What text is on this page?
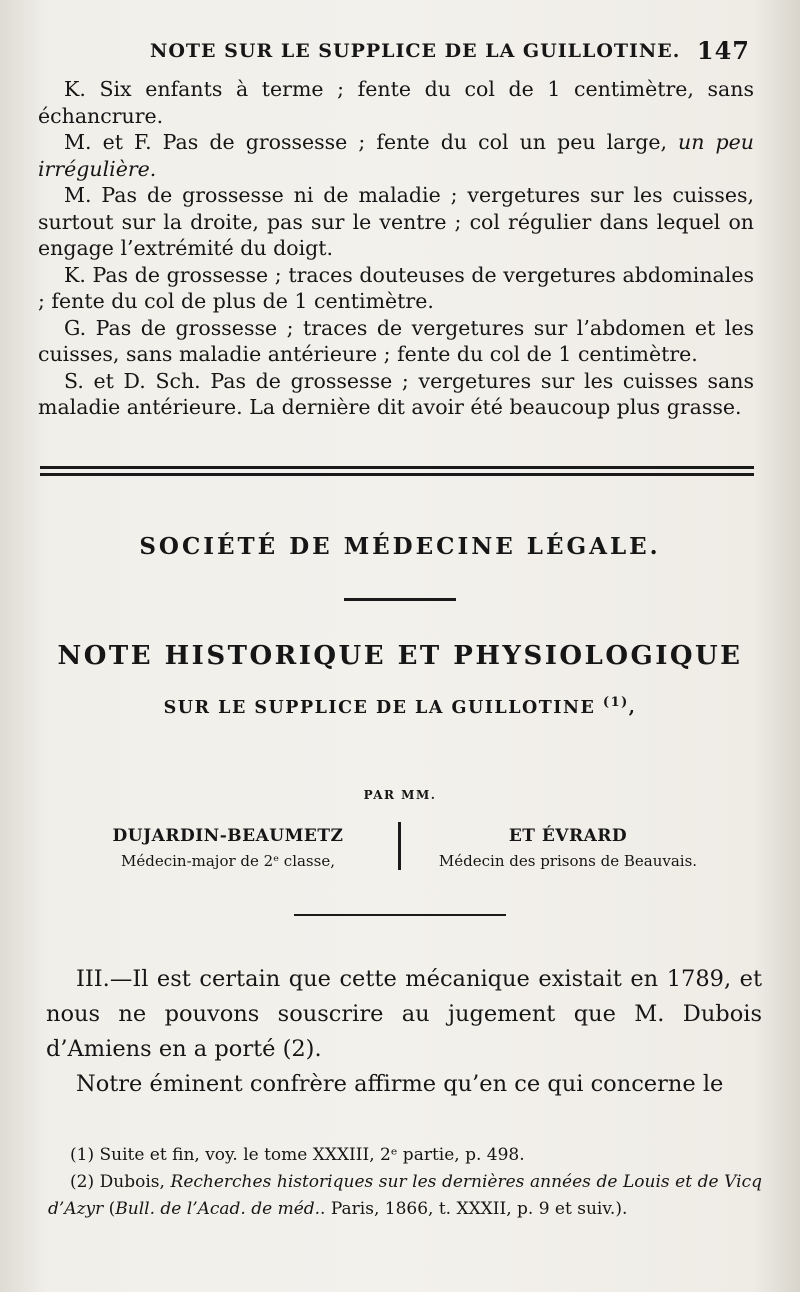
NOTE SUR LE SUPPLICE DE LA GUILLOTINE. 147

K. Six enfants à terme ; fente du col de 1 centimètre, sans échancrure.

M. et F. Pas de grossesse ; fente du col un peu large, un peu irrégulière.

M. Pas de grossesse ni de maladie ; vergetures sur les cuisses, surtout sur la droite, pas sur le ventre ; col régulier dans lequel on engage l’extrémité du doigt.

K. Pas de grossesse ; traces douteuses de vergetures abdominales ; fente du col de plus de 1 centimètre.

G. Pas de grossesse ; traces de vergetures sur l’abdomen et les cuisses, sans maladie antérieure ; fente du col de 1 centimètre.

S. et D. Sch. Pas de grossesse ; vergetures sur les cuisses sans maladie antérieure. La dernière dit avoir été beaucoup plus grasse.

SOCIÉTÉ DE MÉDECINE LÉGALE.
NOTE HISTORIQUE ET PHYSIOLOGIQUE
SUR LE SUPPLICE DE LA GUILLOTINE $^{(1)}$,
PAR MM.
DUJARDIN-BEAUMETZ
Médecin-major de 2ᵉ classe,
ET ÉVRARD
Médecin des prisons de Beauvais.

III.—Il est certain que cette mécanique existait en 1789, et nous ne pouvons souscrire au jugement que M. Dubois d’Amiens en a porté (2).

Notre éminent confrère affirme qu’en ce qui concerne le

(1) Suite et fin, voy. le tome XXXIII, 2ᵉ partie, p. 498.

(2) Dubois, Recherches historiques sur les dernières années de Louis et de Vicq d’Azyr (Bull. de l’Acad. de méd.. Paris, 1866, t. XXXII, p. 9 et suiv.).
